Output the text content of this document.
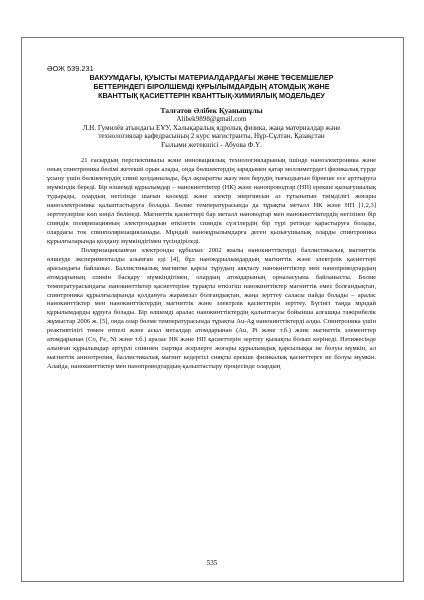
ӘОЖ 539.231
ВАКУУМДАҒЫ, ҚУЫСТЫ МАТЕРИАЛДАРДАҒЫ ЖӘНЕ ТӨСЕМШЕЛЕР
БЕТТЕРІНДЕГІ БІРОЛШЕМДІ ҚҰРЫЛЫМДАРДЫҢ АТОМДЫҚ ЖӘНЕ
КВАНТТЫҚ ҚАСИЕТТЕРІН КВАНТТЫҚ-ХИМИЯЛЫҚ МОДЕЛЬДЕУ
Талғатов Әлібек Қуанышұлы
Alibek9898@gmail.com
Л.Н. Гумилёв атындағы ЕҰУ, Халықаралық ядролық физика, жаңа материалдар және
технологиялар кафедрасының 2 курс магистранты, Нұр-Сұлтан, Қазақстан
Ғылыми жетекшісі - Абуова Ф.Ү.

21 ғасырдың перспективалы және инновациялық технологияларының ішінде наноэлектроника және оның спинтроника бөлімі жетекші орын алады, онда бөлшектердің зарядымен қатар моллиметрдегі физикалық түрде ұсыну үшін бөлшектердің спині қолданылады, бұл ақпаратты жазу мен берудің тығыздығын бірнеше есе арттыруға мүмкіндік береді. Бір өлшемді құрылымдар – нанокинттіктер (НК) және нанопроводтар (НП) ерекше қызығушылық тудырады, олардың негізінде шағын көлемді және электр энергиясын аз тұтынатын тиімділігі жоғары наноэлектроника қалыптастыруға болады. Бөлме температурасында да тұрақты металл НК және НП [1,2,3] зерттеулеріне көп көңіл бөлінеді. Магниттік қасиеттері бар металл нановодтар мен нанокинттіктердің негізінен бір спиндік поляризацияның электрондарын өткізетін спиндік сүзгілердің бір түрі ретінде қарастыруға болады, олардағы ток спинполяризацияланады. Мұндай нанокұрылымдарға деген қызығушылық оларды спинтроника құрылғыларында қолдану мүмкіндігімен түсіндіріледі.

Поляризацияланған электронды құбылыс 2002 жылы нанокинттіктерді баллистикалық магниттік өлшеуде эксперименталды алынған еді [4], бұл нанокұрылымдардың магниттік және электрлік қасиеттері арасындағы байланыс. Баллистикалық магнитке қарсы тұрудың аяқталу нанокинттіктер мен нанопроводтардың атомдарының спинін басқару мүмкіндігімен, олардың атомдарының орналасуына байланысты. Бөлме температурасындағы нанокинттіктер қасиеттеріне тұрақты өткізгіш нанокинттіктер магниттік емес болғандықтан, спинтроника құрылғыларында қолдануға жарамсыз болғандықтан, жаңа зерттеу саласы пайда болады – аралас нанокинттіктер мен нанокинттіктердің магниттік және электрлік қасиеттерін зерттеу. Бүгінгі таңда мұндай құрылымдарды құруға болады. Бір өлшемді аралас нанокинттіктердің қалыптасуы бойынша алғашқы тәжірибелік жұмыстар 2006 ж. [5], онда олар бөлме температурасында тұрақты Au-Ag нанокинттіктерді алды. Спинтроника үшін реактивтілігі төмен өтпелі және асыл металдар атомдарынан (Au, Pt және т.б.) және магниттік элементтер атомдарынан (Co, Fe, Ni және т.б.) аралас НК және НП қасиеттерін зерттеу қызықты болып көрінеді. Нәтижесінде алынған құрылымдар әртүрлі спиннен сыртқы әсерлерге жоғары құрылымдық қарсылыққа ие болуы мүмкін, ал магниттік анизотропия, баллистикалық магнит кедергісі сияқты ерекше физикалық қасиеттерге ие болуы мүмкін. Алайда, нанокинттіктер мен нанопроводтардың қалыптастыру процесінде олардың

535
